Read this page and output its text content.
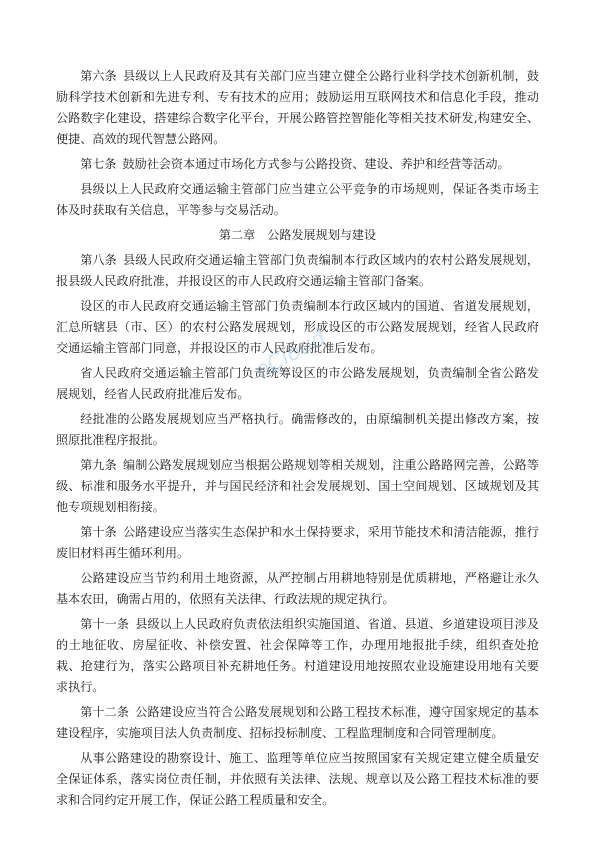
第六条 县级以上人民政府及其有关部门应当建立健全公路行业科学技术创新机制，鼓励科学技术创新和先进专利、专有技术的应用；鼓励运用互联网技术和信息化手段，推动公路数字化建设，搭建综合数字化平台，开展公路管控智能化等相关技术研发,构建安全、便捷、高效的现代智慧公路网。

第七条 鼓励社会资本通过市场化方式参与公路投资、建设、养护和经营等活动。

县级以上人民政府交通运输主管部门应当建立公平竞争的市场规则，保证各类市场主体及时获取有关信息，平等参与交易活动。

第二章　公路发展规划与建设

第八条 县级人民政府交通运输主管部门负责编制本行政区域内的农村公路发展规划，报县级人民政府批准，并报设区的市人民政府交通运输主管部门备案。

设区的市人民政府交通运输主管部门负责编制本行政区域内的国道、省道发展规划，汇总所辖县（市、区）的农村公路发展规划，形成设区的市公路发展规划，经省人民政府交通运输主管部门同意，并报设区的市人民政府批准后发布。

省人民政府交通运输主管部门负责统筹设区的市公路发展规划，负责编制全省公路发展规划，经省人民政府批准后发布。

经批准的公路发展规划应当严格执行。确需修改的，由原编制机关提出修改方案，按照原批准程序报批。

第九条 编制公路发展规划应当根据公路规划等相关规划，注重公路路网完善，公路等级、标准和服务水平提升，并与国民经济和社会发展规划、国土空间规划、区域规划及其他专项规划相衔接。

第十条 公路建设应当落实生态保护和水土保持要求，采用节能技术和清洁能源，推行废旧材料再生循环利用。

公路建设应当节约利用土地资源，从严控制占用耕地特别是优质耕地，严格避让永久基本农田，确需占用的，依照有关法律、行政法规的规定执行。

第十一条 县级以上人民政府负责依法组织实施国道、省道、县道、乡道建设项目涉及的土地征收、房屋征收、补偿安置、社会保障等工作，办理用地报批手续，组织查处抢栽、抢建行为，落实公路项目补充耕地任务。村道建设用地按照农业设施建设用地有关要求执行。

第十二条 公路建设应当符合公路发展规划和公路工程技术标准，遵守国家规定的基本建设程序，实施项目法人负责制度、招标投标制度、工程监理制度和合同管理制度。

从事公路建设的勘察设计、施工、监理等单位应当按照国家有关规定建立健全质量安全保证体系，落实岗位责任制，并依照有关法律、法规、规章以及公路工程技术标准的要求和合同约定开展工作，保证公路工程质量和安全。

oCloud
